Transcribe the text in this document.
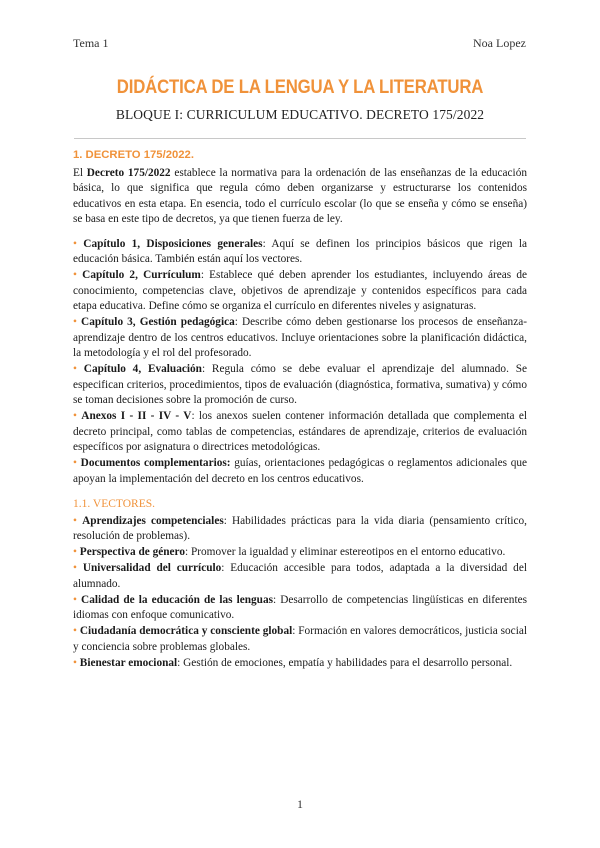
Tema 1	Noa Lopez
DIDÁCTICA DE LA LENGUA Y LA LITERATURA
BLOQUE I: CURRICULUM EDUCATIVO. DECRETO 175/2022
1. DECRETO 175/2022.

El Decreto 175/2022 establece la normativa para la ordenación de las enseñanzas de la educación básica, lo que significa que regula cómo deben organizarse y estructurarse los contenidos educativos en esta etapa. En esencia, todo el currículo escolar (lo que se enseña y cómo se enseña) se basa en este tipo de decretos, ya que tienen fuerza de ley.

• Capítulo 1, Disposiciones generales: Aquí se definen los principios básicos que rigen la educación básica. También están aquí los vectores.

• Capítulo 2, Currículum: Establece qué deben aprender los estudiantes, incluyendo áreas de conocimiento, competencias clave, objetivos de aprendizaje y contenidos específicos para cada etapa educativa. Define cómo se organiza el currículo en diferentes niveles y asignaturas.

• Capítulo 3, Gestión pedagógica: Describe cómo deben gestionarse los procesos de enseñanza-aprendizaje dentro de los centros educativos. Incluye orientaciones sobre la planificación didáctica, la metodología y el rol del profesorado.

• Capítulo 4, Evaluación: Regula cómo se debe evaluar el aprendizaje del alumnado. Se especifican criterios, procedimientos, tipos de evaluación (diagnóstica, formativa, sumativa) y cómo se toman decisiones sobre la promoción de curso.

• Anexos I - II - IV - V: los anexos suelen contener información detallada que complementa el decreto principal, como tablas de competencias, estándares de aprendizaje, criterios de evaluación específicos por asignatura o directrices metodológicas.

• Documentos complementarios: guías, orientaciones pedagógicas o reglamentos adicionales que apoyan la implementación del decreto en los centros educativos.

1.1. VECTORES.

• Aprendizajes competenciales: Habilidades prácticas para la vida diaria (pensamiento crítico, resolución de problemas).

• Perspectiva de género: Promover la igualdad y eliminar estereotipos en el entorno educativo.

• Universalidad del currículo: Educación accesible para todos, adaptada a la diversidad del alumnado.

• Calidad de la educación de las lenguas: Desarrollo de competencias lingüísticas en diferentes idiomas con enfoque comunicativo.

• Ciudadanía democrática y consciente global: Formación en valores democráticos, justicia social y conciencia sobre problemas globales.

• Bienestar emocional: Gestión de emociones, empatía y habilidades para el desarrollo personal.

1
